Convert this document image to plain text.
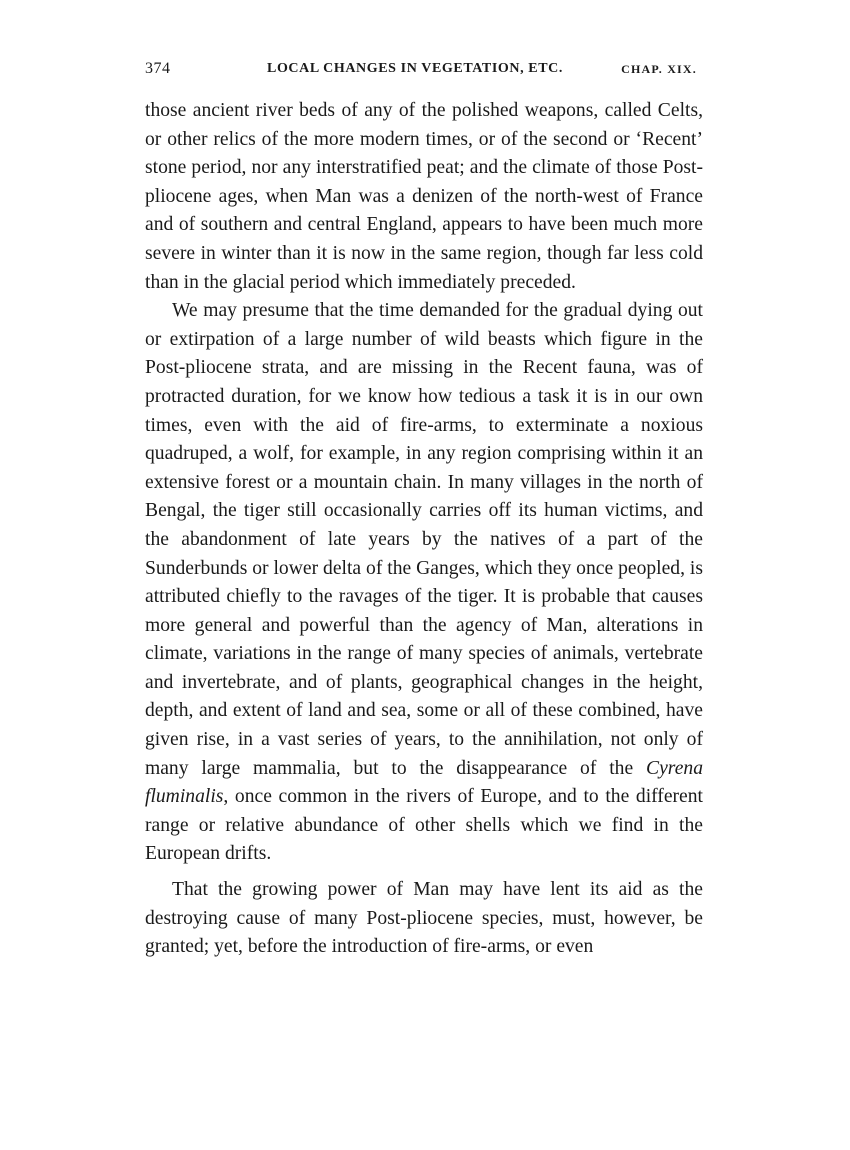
374	LOCAL CHANGES IN VEGETATION, ETC.	CHAP. XIX.

those ancient river beds of any of the polished weapons, called Celts, or other relics of the more modern times, or of the second or ‘Recent’ stone period, nor any interstratified peat; and the climate of those Post-pliocene ages, when Man was a denizen of the north-west of France and of southern and central England, appears to have been much more severe in winter than it is now in the same region, though far less cold than in the glacial period which immediately preceded.

We may presume that the time demanded for the gradual dying out or extirpation of a large number of wild beasts which figure in the Post-pliocene strata, and are missing in the Recent fauna, was of protracted duration, for we know how tedious a task it is in our own times, even with the aid of fire-arms, to exterminate a noxious quadruped, a wolf, for example, in any region comprising within it an extensive forest or a mountain chain. In many villages in the north of Bengal, the tiger still occasionally carries off its human victims, and the abandonment of late years by the natives of a part of the Sunderbunds or lower delta of the Ganges, which they once peopled, is attributed chiefly to the ravages of the tiger. It is probable that causes more general and powerful than the agency of Man, alterations in climate, variations in the range of many species of animals, vertebrate and invertebrate, and of plants, geographical changes in the height, depth, and extent of land and sea, some or all of these combined, have given rise, in a vast series of years, to the annihilation, not only of many large mammalia, but to the disappearance of the Cyrena fluminalis, once common in the rivers of Europe, and to the different range or relative abundance of other shells which we find in the European drifts.

That the growing power of Man may have lent its aid as the destroying cause of many Post-pliocene species, must, however, be granted; yet, before the introduction of fire-arms, or even
